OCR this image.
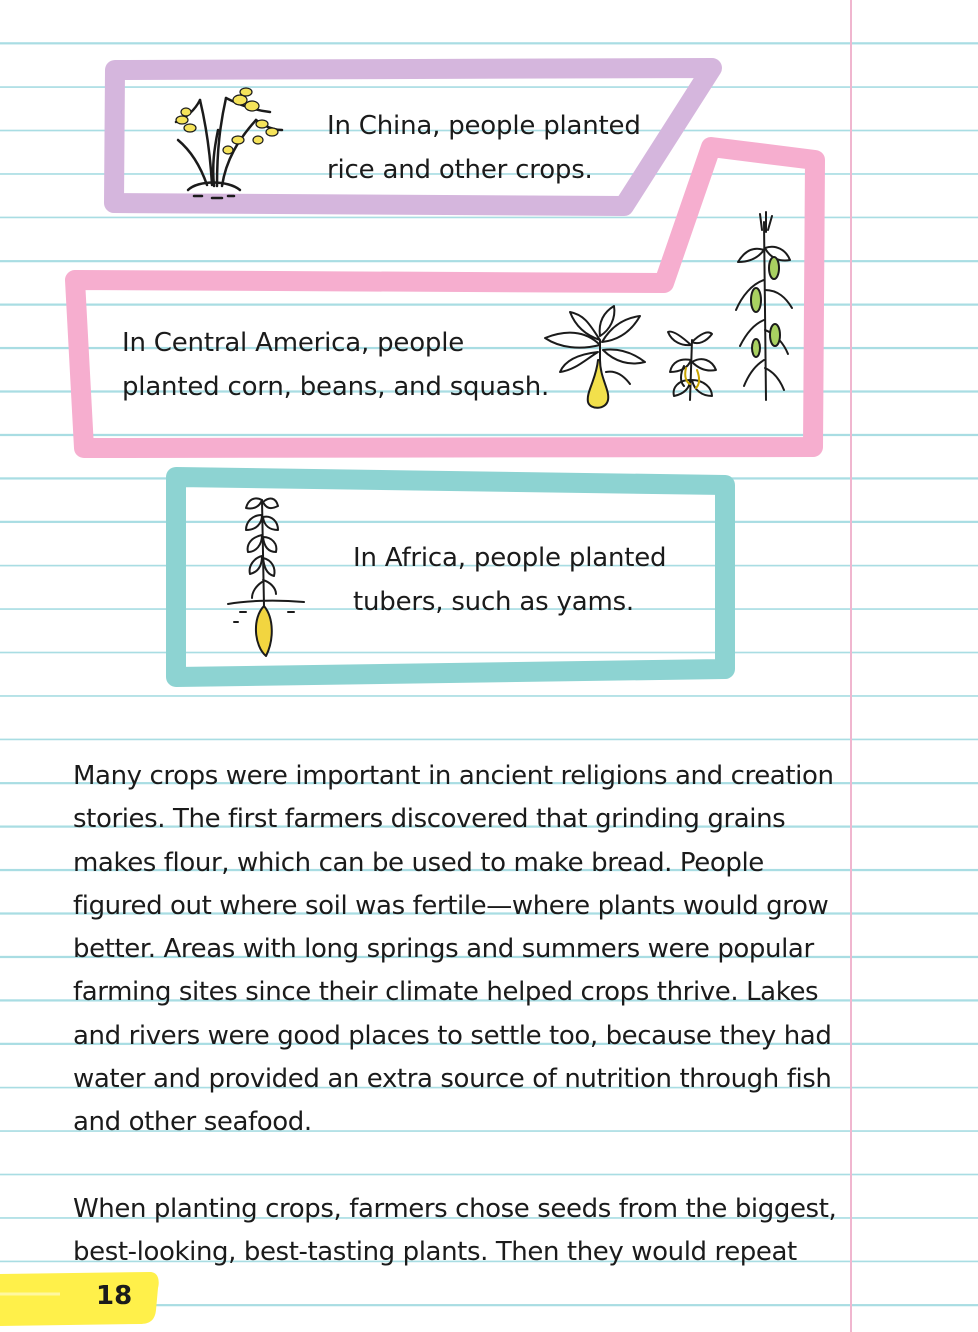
In China, people planted
rice and other crops.
In Central America, people
planted corn, beans, and squash.
In Africa, people planted
tubers, such as yams.
Many crops were important in ancient religions and creation
stories. The first farmers discovered that grinding grains
makes flour, which can be used to make bread. People
figured out where soil was fertile—where plants would grow
better. Areas with long springs and summers were popular
farming sites since their climate helped crops thrive. Lakes
and rivers were good places to settle too, because they had
water and provided an extra source of nutrition through fish
and other seafood.
When planting crops, farmers chose seeds from the biggest,
best-looking, best-tasting plants. Then they would repeat
18
